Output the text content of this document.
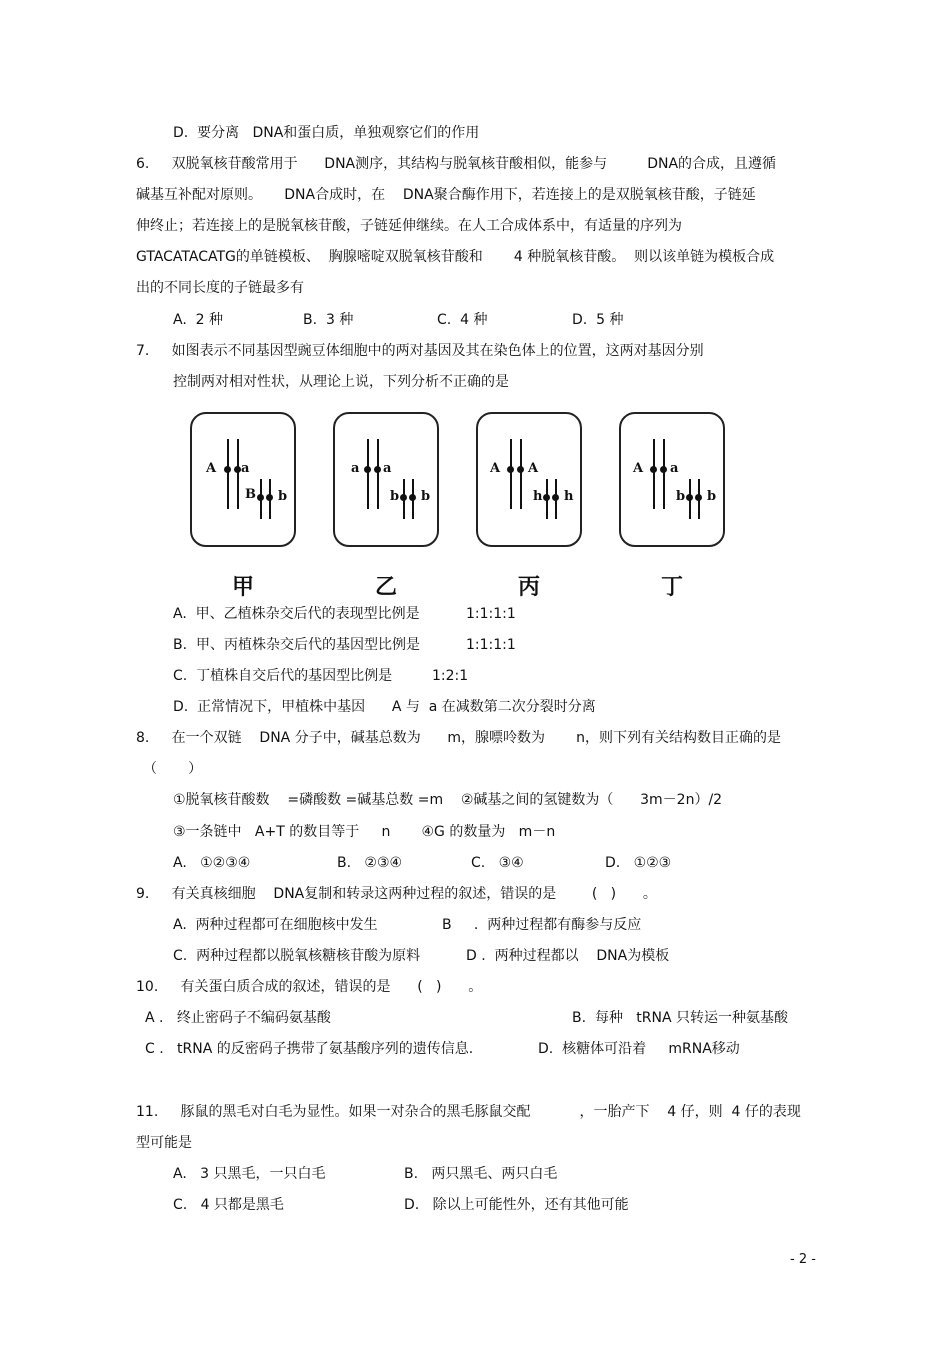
D.  要分离   DNA和蛋白质，单独观察它们的作用
6.     双脱氧核苷酸常用于      DNA测序，其结构与脱氧核苷酸相似，能参与         DNA的合成，且遵循
碱基互补配对原则。     DNA合成时，在    DNA聚合酶作用下，若连接上的是双脱氧核苷酸，子链延
伸终止；若连接上的是脱氧核苷酸，子链延伸继续。在人工合成体系中，有适量的序列为
GTACATACATG的单链模板、  胸腺嘧啶双脱氧核苷酸和       4 种脱氧核苷酸。  则以该单链为模板合成
出的不同长度的子链最多有
A.  2 种	B.  3 种	C.  4 种	D.  5 种
7.     如图表示不同基因型豌豆体细胞中的两对基因及其在染色体上的位置，这两对基因分别
控制两对相对性状，从理论上说，下列分析不正确的是
A a
B b
a a
b b
A A
h h
A a
b b
甲	乙	丙	丁
A.  甲、乙植株杂交后代的表现型比例是	1:1:1:1
B.  甲、丙植株杂交后代的基因型比例是	1:1:1:1
C.  丁植株自交后代的基因型比例是	1:2:1
D.  正常情况下，甲植株中基因      A 与  a 在减数第二次分裂时分离
8.     在一个双链    DNA 分子中，碱基总数为      m，腺嘌呤数为       n，则下列有关结构数目正确的是
（       ）
①脱氧核苷酸数    =磷酸数 =碱基总数 =m    ②碱基之间的氢键数为（      3m－2n）/2
③一条链中   A+T 的数目等于     n       ④G 的数量为   m－n
A.   ①②③④	B.   ②③④	C.   ③④	D.   ①②③
9.     有关真核细胞    DNA复制和转录这两种过程的叙述，错误的是        (   )      。
A.  两种过程都可在细胞核中发生	B     .  两种过程都有酶参与反应
C.  两种过程都以脱氧核糖核苷酸为原料	D .  两种过程都以    DNA为模板
10.     有关蛋白质合成的叙述，错误的是      (   )      。
A .   终止密码子不编码氨基酸	B.  每种   tRNA 只转运一种氨基酸
C .   tRNA 的反密码子携带了氨基酸序列的遗传信息.	D.  核糖体可沿着     mRNA移动
11.     豚鼠的黑毛对白毛为显性。如果一对杂合的黑毛豚鼠交配           ，一胎产下    4 仔，则  4 仔的表现
型可能是
A.   3 只黑毛，一只白毛	B.   两只黑毛、两只白毛
C.   4 只都是黑毛	D.   除以上可能性外，还有其他可能
- 2 -
